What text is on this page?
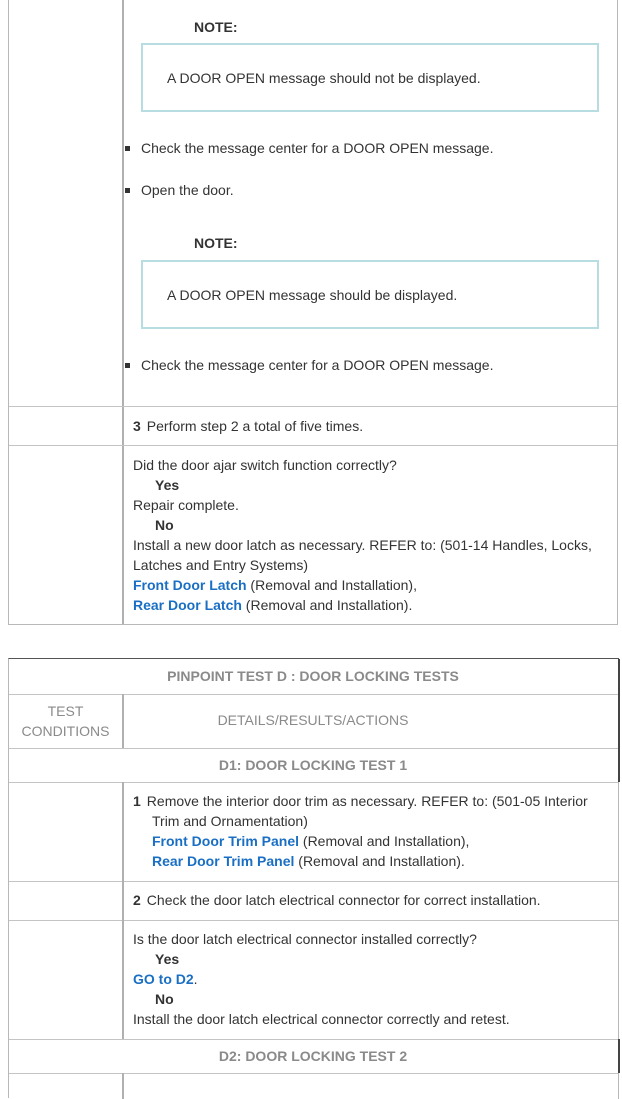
NOTE:
A DOOR OPEN message should not be displayed.
Check the message center for a DOOR OPEN message.
Open the door.
NOTE:
A DOOR OPEN message should be displayed.
Check the message center for a DOOR OPEN message.
3 Perform step 2 a total of five times.
Did the door ajar switch function correctly?
Yes
Repair complete.
No
Install a new door latch as necessary. REFER to: (501-14 Handles, Locks,
Latches and Entry Systems)
Front Door Latch (Removal and Installation),
Rear Door Latch (Removal and Installation).
PINPOINT TEST D : DOOR LOCKING TESTS
TEST
CONDITIONS
DETAILS/RESULTS/ACTIONS
D1: DOOR LOCKING TEST 1
1 Remove the interior door trim as necessary. REFER to: (501-05 Interior
Trim and Ornamentation)
Front Door Trim Panel (Removal and Installation),
Rear Door Trim Panel (Removal and Installation).
2 Check the door latch electrical connector for correct installation.
Is the door latch electrical connector installed correctly?
Yes
GO to D2.
No
Install the door latch electrical connector correctly and retest.
D2: DOOR LOCKING TEST 2
